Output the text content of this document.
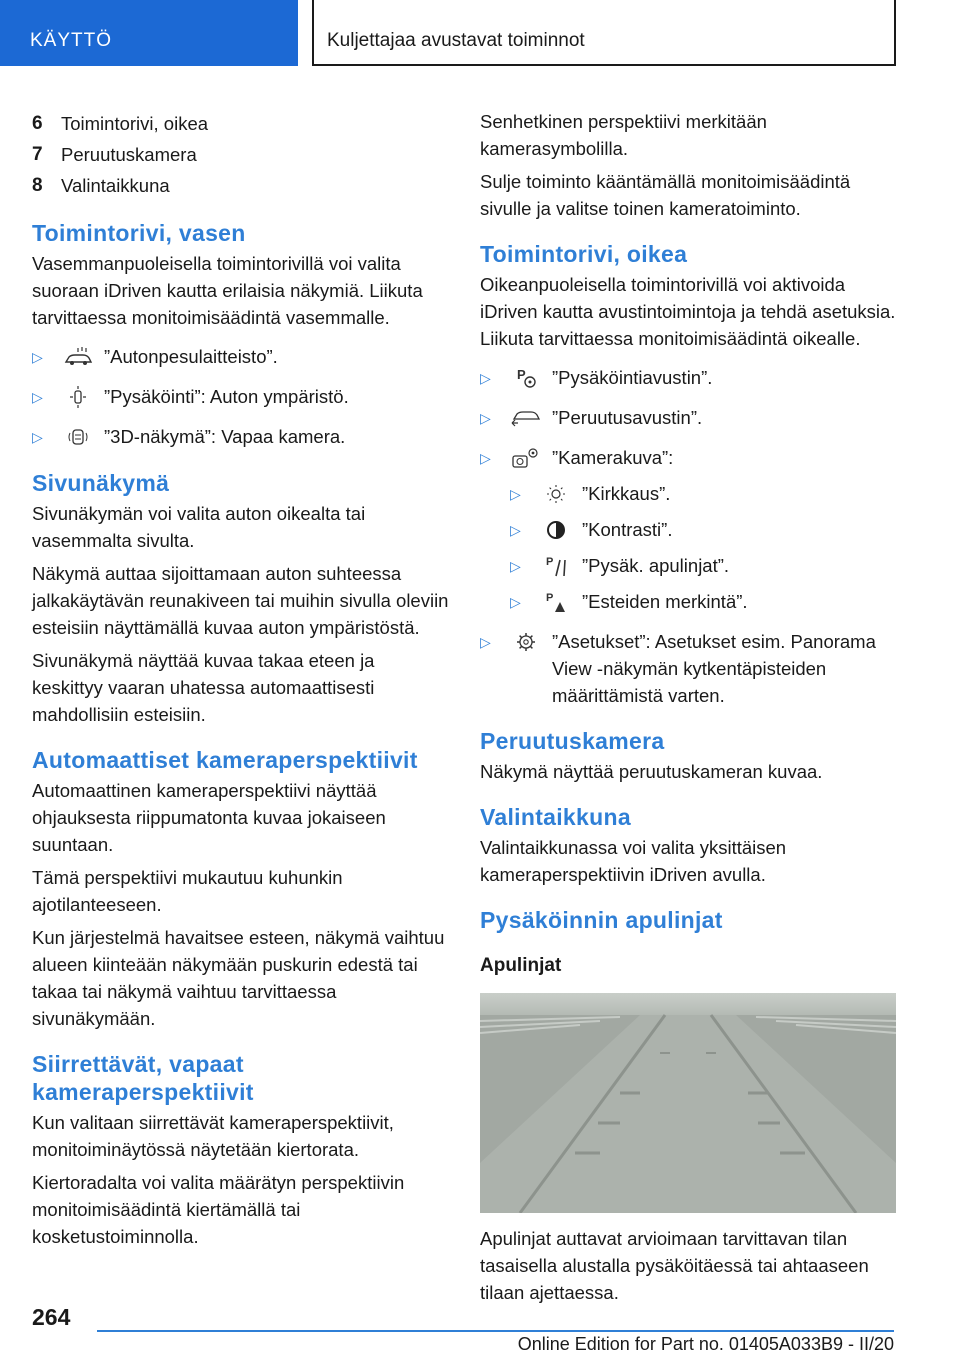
KÄYTTÖ	Kuljettajaa avustavat toiminnot
6 Toimintorivi, oikea
7 Peruutuskamera
8 Valintaikkuna
Toimintorivi, vasen

Vasemmanpuoleisella toimintorivillä voi valita suoraan iDriven kautta erilaisia näkymiä. Liikuta tarvittaessa monitoimisäädintä vasemmalle.

▷	”Autonpesulaitteisto”.
▷	”Pysäköinti”: Auton ympäristö.
▷	”3D-näkymä”: Vapaa kamera.
Sivunäkymä

Sivunäkymän voi valita auton oikealta tai vasemmalta sivulta.

Näkymä auttaa sijoittamaan auton suhteessa jalkakäytävän reunakiveen tai muihin sivulla oleviin esteisiin näyttämällä kuvaa auton ympäristöstä.

Sivunäkymä näyttää kuvaa takaa eteen ja keskittyy vaaran uhatessa automaattisesti mahdollisiin esteisiin.

Automaattiset kameraperspektiivit

Automaattinen kameraperspektiivi näyttää ohjauksesta riippumatonta kuvaa jokaiseen suuntaan.

Tämä perspektiivi mukautuu kuhunkin ajotilanteeseen.

Kun järjestelmä havaitsee esteen, näkymä vaihtuu alueen kiinteään näkymään puskurin edestä tai takaa tai näkymä vaihtuu tarvittaessa sivunäkymään.

Siirrettävät, vapaat kameraperspektiivit

Kun valitaan siirrettävät kameraperspektiivit, monitoiminäytössä näytetään kiertorata.

Kiertoradalta voi valita määrätyn perspektiivin monitoimisäädintä kiertämällä tai kosketustoiminnolla.

Senhetkinen perspektiivi merkitään kamerasymbolilla.

Sulje toiminto kääntämällä monitoimisäädintä sivulle ja valitse toinen kameratoiminto.

Toimintorivi, oikea

Oikeanpuoleisella toimintorivillä voi aktivoida iDriven kautta avustintoimintoja ja tehdä asetuksia. Liikuta tarvittaessa monitoimisäädintä oikealle.

▷	P ”Pysäköintiavustin”.
▷	”Peruutusavustin”.
▷	”Kamerakuva”:
▷	”Kirkkaus”.
▷	”Kontrasti”.
▷	P ”Pysäk. apulinjat”.
▷	P ”Esteiden merkintä”.
▷	”Asetukset”: Asetukset esim. Panorama View -näkymän kytkentäpisteiden määrittämistä varten.
Peruutuskamera

Näkymä näyttää peruutuskameran kuvaa.

Valintaikkuna

Valintaikkunassa voi valita yksittäisen kameraperspektiivin iDriven avulla.

Pysäköinnin apulinjat
Apulinjat

Apulinjat auttavat arvioimaan tarvittavan tilan tasaisella alustalla pysäköitäessä tai ahtaaseen tilaan ajettaessa.

264
Online Edition for Part no. 01405A033B9 - II/20
